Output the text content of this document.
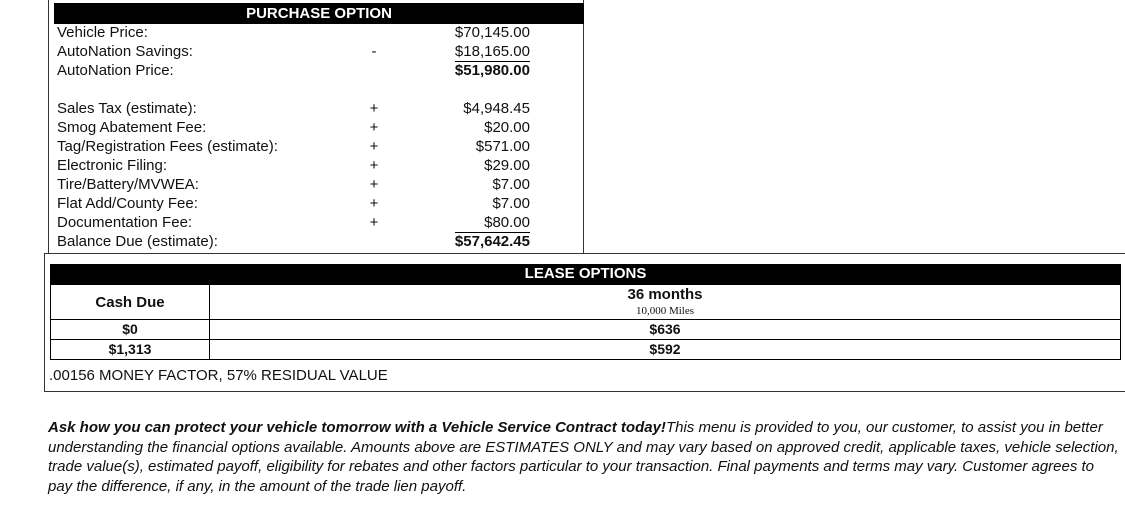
PURCHASE OPTION
Vehicle Price:	$70,145.00
AutoNation Savings:	-	$18,165.00
AutoNation Price:	$51,980.00
Sales Tax (estimate):	+	$4,948.45
Smog Abatement Fee:	+	$20.00
Tag/Registration Fees (estimate):	+	$571.00
Electronic Filing:	+	$29.00
Tire/Battery/MVWEA:	+	$7.00
Flat Add/County Fee:	+	$7.00
Documentation Fee:	+	$80.00
Balance Due (estimate):	$57,642.45
LEASE OPTIONS
Cash Due	36 months
10,000 Miles

$0	$636
$1,313	$592
.00156 MONEY FACTOR, 57% RESIDUAL VALUE
Ask how you can protect your vehicle tomorrow with a Vehicle Service Contract today!This menu is provided to you, our customer, to assist you in better understanding the financial options available. Amounts above are ESTIMATES ONLY and may vary based on approved credit, applicable taxes, vehicle selection, trade value(s), estimated payoff, eligibility for rebates and other factors particular to your transaction. Final payments and terms may vary. Customer agrees to pay the difference, if any, in the amount of the trade lien payoff.
